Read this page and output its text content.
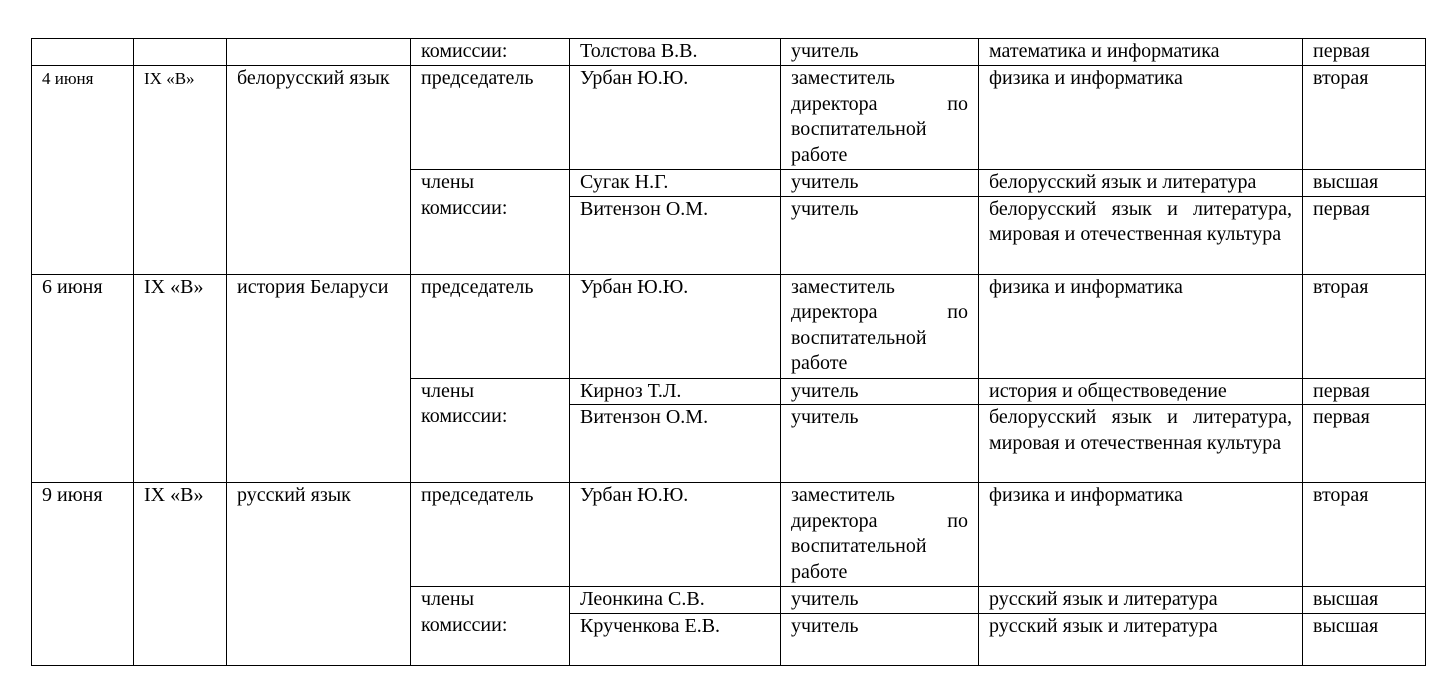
			комиссии:	Толстова В.В.	учитель	математика и информатика	первая
4 июня	IX «В»	белорусский язык	председатель	Урбан Ю.Ю.	заместитель директора по воспитательной работе	физика и информатика	вторая
			члены комиссии:	Сугак Н.Г.	учитель	белорусский язык и литература	высшая
				Витензон О.М.	учитель	белорусский язык и литература, мировая и отечественная культура	первая
6 июня	IX «В»	история Беларуси	председатель	Урбан Ю.Ю.	заместитель директора по воспитательной работе	физика и информатика	вторая
			члены комиссии:	Кирноз Т.Л.	учитель	история и обществоведение	первая
				Витензон О.М.	учитель	белорусский язык и литература, мировая и отечественная культура	первая
9 июня	IX «В»	русский язык	председатель	Урбан Ю.Ю.	заместитель директора по воспитательной работе	физика и информатика	вторая
			члены комиссии:	Леонкина С.В.	учитель	русский язык и литература	высшая
				Крученкова Е.В.	учитель	русский язык и литература	высшая
